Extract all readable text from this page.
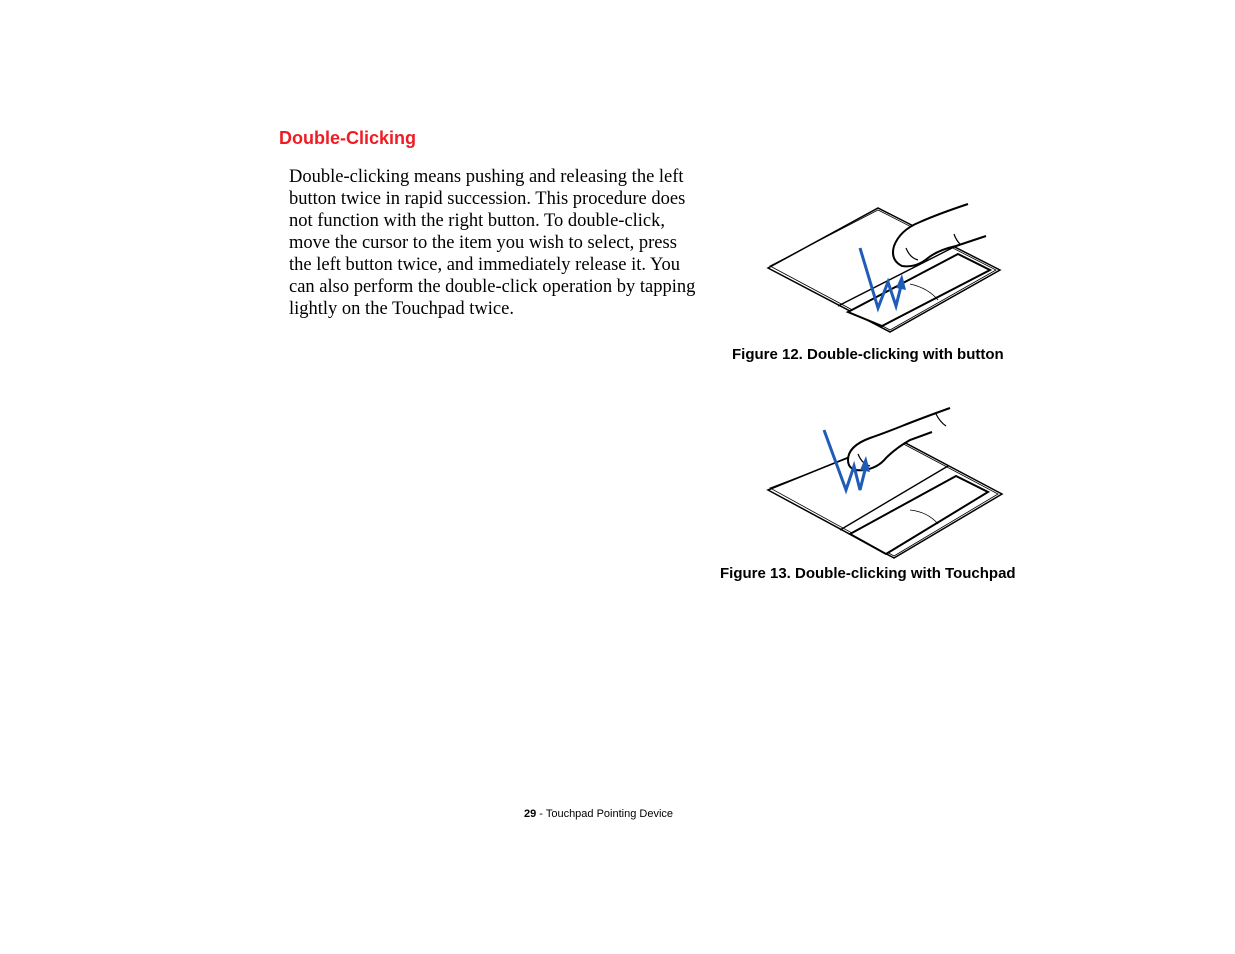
Double-Clicking

Double-clicking means pushing and releasing the left button twice in rapid succession. This procedure does not function with the right button. To double-click, move the cursor to the item you wish to select, press the left button twice, and immediately release it. You can also perform the double-click operation by tapping lightly on the Touchpad twice.

Figure 12. Double-clicking with button

Figure 13. Double-clicking with Touchpad

29 - Touchpad Pointing Device
